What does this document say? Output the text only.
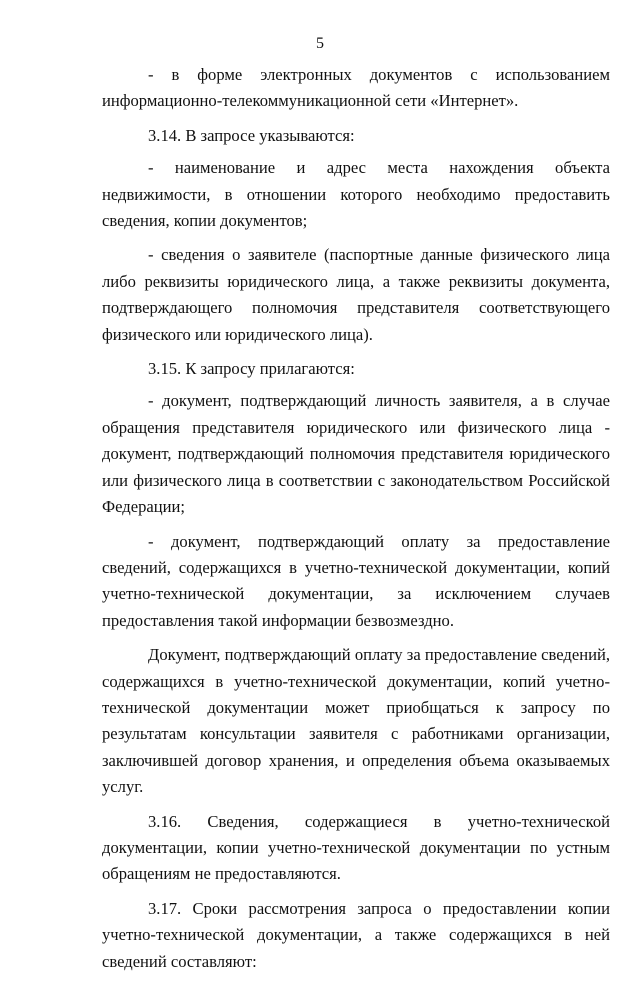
5

- в форме электронных документов с использованием информационно-телекоммуникационной сети «Интернет».

3.14. В запросе указываются:

- наименование и адрес места нахождения объекта недвижимости, в отношении которого необходимо предоставить сведения, копии документов;

- сведения о заявителе (паспортные данные физического лица либо реквизиты юридического лица, а также реквизиты документа, подтверждающего полномочия представителя соответствующего физического или юридического лица).

3.15. К запросу прилагаются:

- документ, подтверждающий личность заявителя, а в случае обращения представителя юридического или физического лица - документ, подтверждающий полномочия представителя юридического или физического лица в соответствии с законодательством Российской Федерации;

- документ, подтверждающий оплату за предоставление сведений, содержащихся в учетно-технической документации, копий учетно-технической документации, за исключением случаев предоставления такой информации безвозмездно.

Документ, подтверждающий оплату за предоставление сведений, содержащихся в учетно-технической документации, копий учетно-технической документации может приобщаться к запросу по результатам консультации заявителя с работниками организации, заключившей договор хранения, и определения объема оказываемых услуг.

3.16. Сведения, содержащиеся в учетно-технической документации, копии учетно-технической документации по устным обращениям не предоставляются.

3.17. Сроки рассмотрения запроса о предоставлении копии учетно-технической документации, а также содержащихся в ней сведений составляют:
